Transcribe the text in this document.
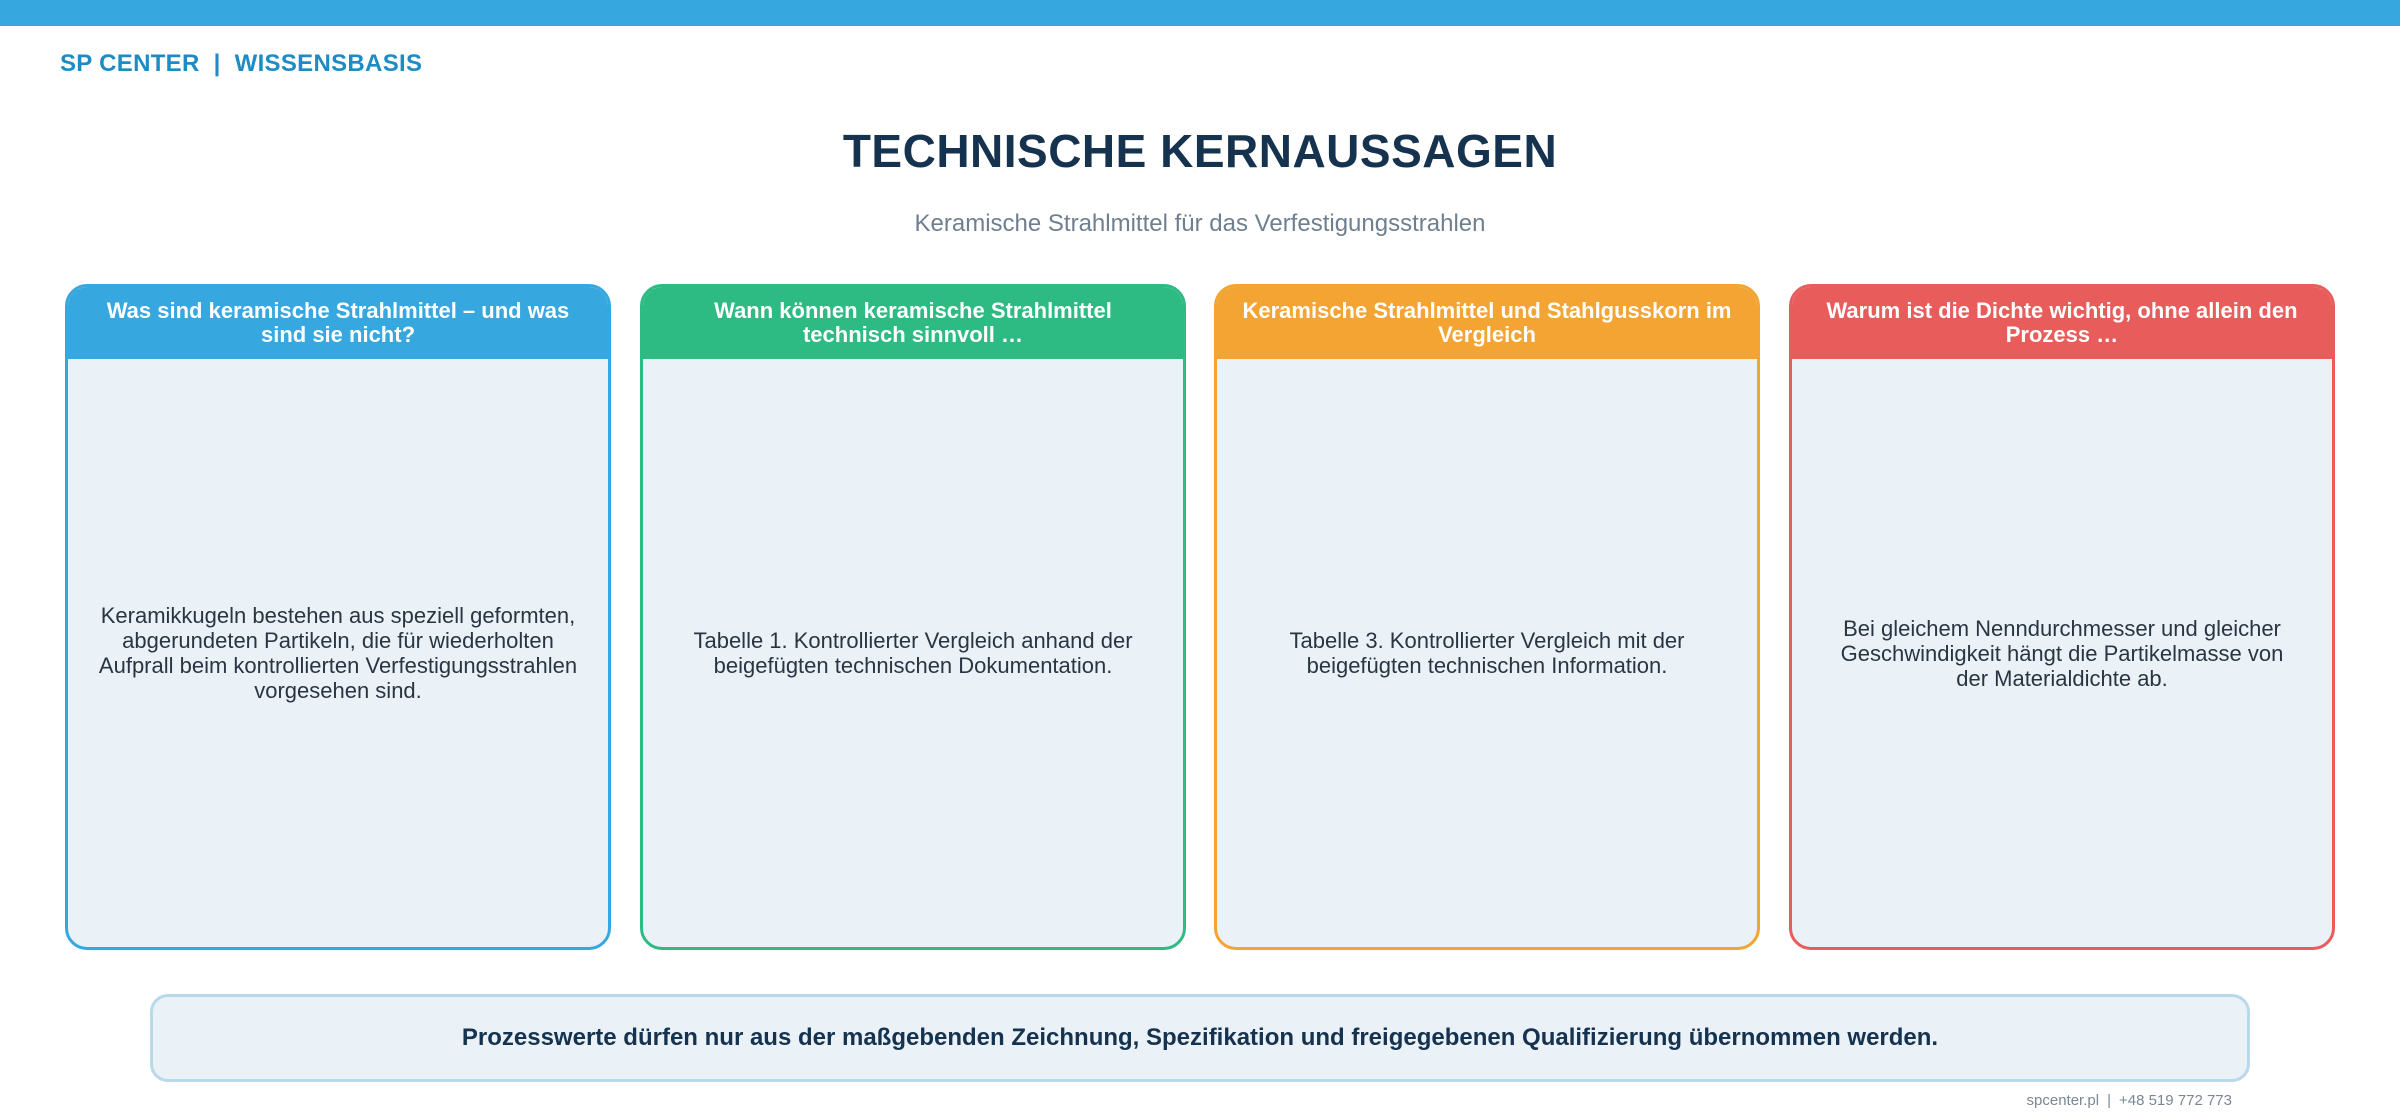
SP CENTER | WISSENSBASIS
TECHNISCHE KERNAUSSAGEN
Keramische Strahlmittel für das Verfestigungsstrahlen
Was sind keramische Strahlmittel – und was sind sie nicht?
Keramikkugeln bestehen aus speziell geformten, abgerundeten Partikeln, die für wiederholten Aufprall beim kontrollierten Verfestigungsstrahlen vorgesehen sind.
Wann können keramische Strahlmittel technisch sinnvoll …
Tabelle 1. Kontrollierter Vergleich anhand der beigefügten technischen Dokumentation.
Keramische Strahlmittel und Stahlgusskorn im Vergleich
Tabelle 3. Kontrollierter Vergleich mit der beigefügten technischen Information.
Warum ist die Dichte wichtig, ohne allein den Prozess …
Bei gleichem Nenndurchmesser und gleicher Geschwindigkeit hängt die Partikelmasse von der Materialdichte ab.
Prozesswerte dürfen nur aus der maßgebenden Zeichnung, Spezifikation und freigegebenen Qualifizierung übernommen werden.
spcenter.pl | +48 519 772 773
